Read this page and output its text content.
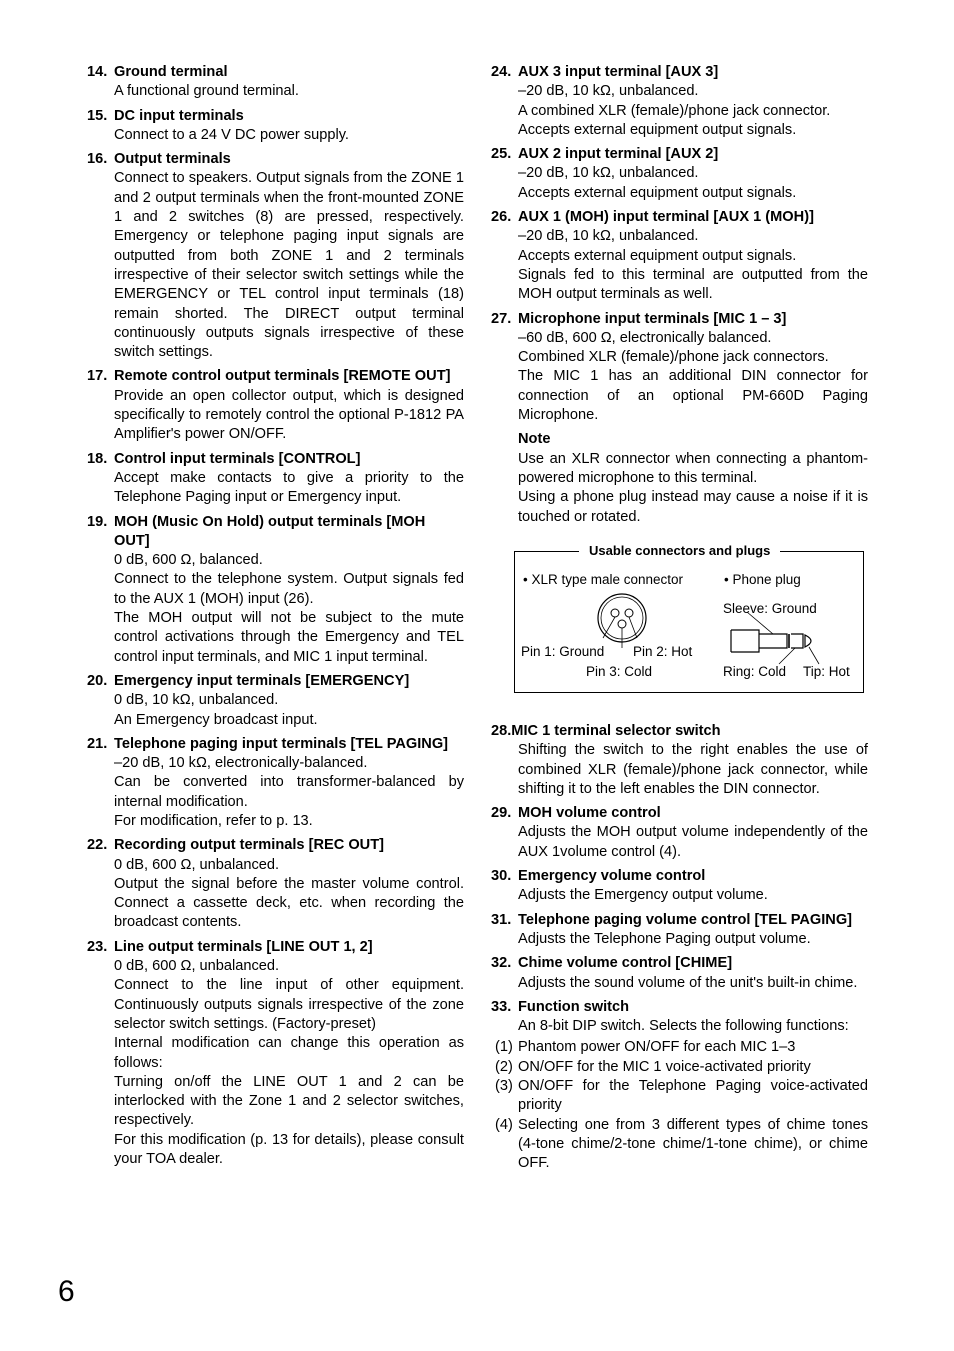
14. Ground terminal

A functional ground terminal.

15. DC input terminals

Connect to a 24 V DC power supply.

16. Output terminals

Connect to speakers. Output signals from the ZONE 1 and 2 output terminals when the front-mounted ZONE 1 and 2 switches (8) are pressed, respectively. Emergency or telephone paging input signals are outputted from both ZONE 1 and 2 terminals irrespective of their selector switch settings while the EMERGENCY or TEL control input terminals (18) remain shorted. The DIRECT output terminal continuously outputs signals irrespective of these switch settings.

17. Remote control output terminals [REMOTE OUT]

Provide an open collector output, which is designed specifically to remotely control the optional P-1812 PA Amplifier's power ON/OFF.

18. Control input terminals [CONTROL]

Accept make contacts to give a priority to the Telephone Paging input or Emergency input.

19. MOH (Music On Hold) output terminals [MOH OUT]

0 dB, 600 Ω, balanced.

Connect to the telephone system. Output signals fed to the AUX 1 (MOH) input (26).

The MOH output will not be subject to the mute control activations through the Emergency and TEL control input terminals, and MIC 1 input terminal.

20. Emergency input terminals [EMERGENCY]

0 dB, 10 kΩ, unbalanced.

An Emergency broadcast input.

21. Telephone paging input terminals [TEL PAGING]

–20 dB, 10 kΩ, electronically-balanced.

Can be converted into transformer-balanced by internal modification.

For modification, refer to p. 13.

22. Recording output terminals [REC OUT]

0 dB, 600 Ω, unbalanced.

Output the signal before the master volume control. Connect a cassette deck, etc. when recording the broadcast contents.

23. Line output terminals [LINE OUT 1, 2]

0 dB, 600 Ω, unbalanced.

Connect to the line input of other equipment. Continuously outputs signals irrespective of the zone selector switch settings. (Factory-preset)

Internal modification can change this operation as follows:

Turning on/off the LINE OUT 1 and 2 can be interlocked with the Zone 1 and 2 selector switches, respectively.

For this modification (p. 13 for details), please consult your TOA dealer.

24. AUX 3 input terminal [AUX 3]

–20 dB, 10 kΩ, unbalanced.

A combined XLR (female)/phone jack connector.

Accepts external equipment output signals.

25. AUX 2 input terminal [AUX 2]

–20 dB, 10 kΩ, unbalanced.

Accepts external equipment output signals.

26. AUX 1 (MOH) input terminal [AUX 1 (MOH)]

–20 dB, 10 kΩ, unbalanced.

Accepts external equipment output signals.

Signals fed to this terminal are outputted from the MOH output terminals as well.

27. Microphone input terminals [MIC 1 – 3]

–60 dB, 600 Ω, electronically balanced.

Combined XLR (female)/phone jack connectors.

The MIC 1 has an additional DIN connector for connection of an optional PM-660D Paging Microphone.

Note

Use an XLR connector when connecting a phantom-powered microphone to this terminal.

Using a phone plug instead may cause a noise if it is touched or rotated.

Usable connectors and plugs
• XLR type male connector	• Phone plug
Pin 1: Ground Pin 2: Hot
Pin 3: Cold
Sleeve: Ground
Ring: Cold Tip: Hot
28. MIC 1 terminal selector switch

Shifting the switch to the right enables the use of combined XLR (female)/phone jack connector, while shifting it to the left enables the DIN connector.

29. MOH volume control

Adjusts the MOH output volume independently of the AUX 1volume control (4).

30. Emergency volume control

Adjusts the Emergency output volume.

31. Telephone paging volume control [TEL PAGING]

Adjusts the Telephone Paging output volume.

32. Chime volume control [CHIME]

Adjusts the sound volume of the unit's built-in chime.

33. Function switch

An 8-bit DIP switch. Selects the following functions:

(1) Phantom power ON/OFF for each MIC 1–3
(2) ON/OFF for the MIC 1 voice-activated priority
(3) ON/OFF for the Telephone Paging voice-activated priority
(4) Selecting one from 3 different types of chime tones (4-tone chime/2-tone chime/1-tone chime), or chime OFF.
6
